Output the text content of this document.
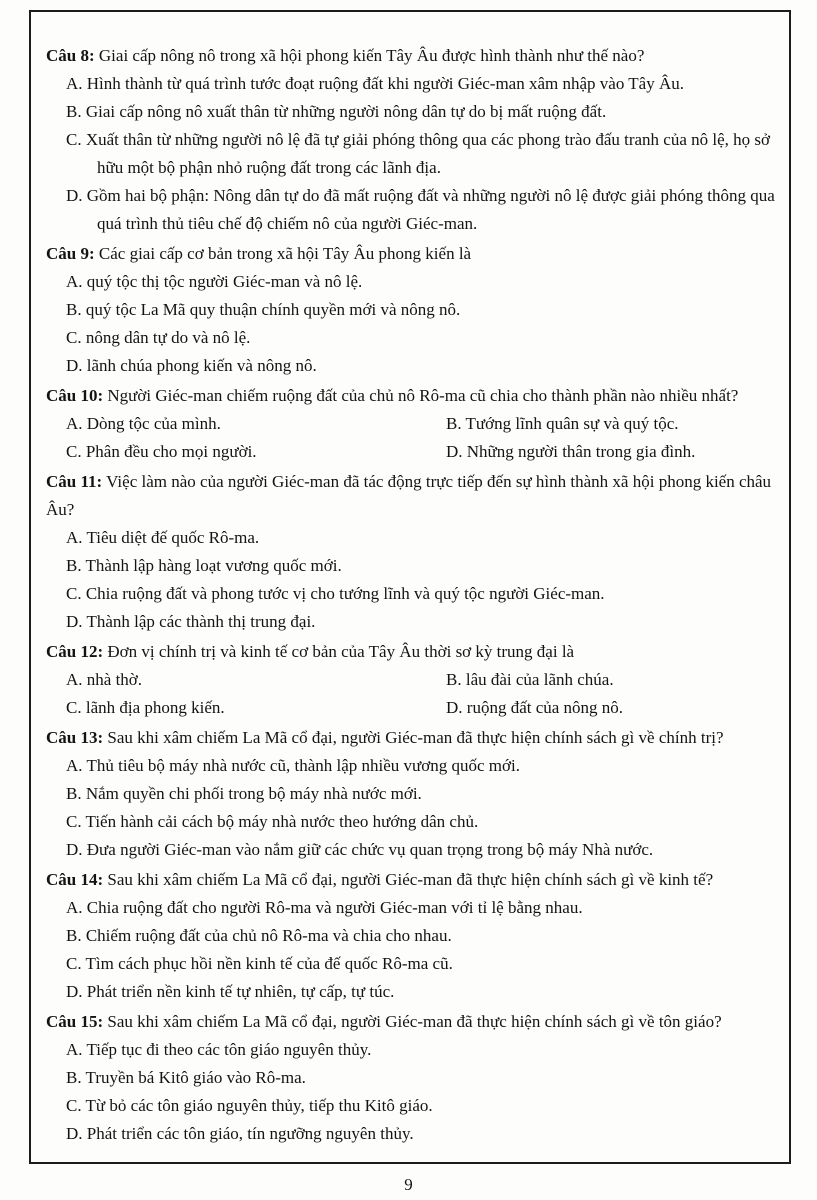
Câu 8: Giai cấp nông nô trong xã hội phong kiến Tây Âu được hình thành như thế nào?

A. Hình thành từ quá trình tước đoạt ruộng đất khi người Giéc-man xâm nhập vào Tây Âu.

B. Giai cấp nông nô xuất thân từ những người nông dân tự do bị mất ruộng đất.

C. Xuất thân từ những người nô lệ đã tự giải phóng thông qua các phong trào đấu tranh của nô lệ, họ sở hữu một bộ phận nhỏ ruộng đất trong các lãnh địa.

D. Gồm hai bộ phận: Nông dân tự do đã mất ruộng đất và những người nô lệ được giải phóng thông qua quá trình thủ tiêu chế độ chiếm nô của người Giéc-man.

Câu 9: Các giai cấp cơ bản trong xã hội Tây Âu phong kiến là

A. quý tộc thị tộc người Giéc-man và nô lệ.

B. quý tộc La Mã quy thuận chính quyền mới và nông nô.

C. nông dân tự do và nô lệ.

D. lãnh chúa phong kiến và nông nô.

Câu 10: Người Giéc-man chiếm ruộng đất của chủ nô Rô-ma cũ chia cho thành phần nào nhiều nhất?

A. Dòng tộc của mình.	B. Tướng lĩnh quân sự và quý tộc.

C. Phân đều cho mọi người.	D. Những người thân trong gia đình.

Câu 11: Việc làm nào của người Giéc-man đã tác động trực tiếp đến sự hình thành xã hội phong kiến châu Âu?

A. Tiêu diệt đế quốc Rô-ma.

B. Thành lập hàng loạt vương quốc mới.

C. Chia ruộng đất và phong tước vị cho tướng lĩnh và quý tộc người Giéc-man.

D. Thành lập các thành thị trung đại.

Câu 12: Đơn vị chính trị và kinh tế cơ bản của Tây Âu thời sơ kỳ trung đại là

A. nhà thờ.	B. lâu đài của lãnh chúa.

C. lãnh địa phong kiến.	D. ruộng đất của nông nô.

Câu 13: Sau khi xâm chiếm La Mã cổ đại, người Giéc-man đã thực hiện chính sách gì về chính trị?

A. Thủ tiêu bộ máy nhà nước cũ, thành lập nhiều vương quốc mới.

B. Nắm quyền chi phối trong bộ máy nhà nước mới.

C. Tiến hành cải cách bộ máy nhà nước theo hướng dân chủ.

D. Đưa người Giéc-man vào nắm giữ các chức vụ quan trọng trong bộ máy Nhà nước.

Câu 14: Sau khi xâm chiếm La Mã cổ đại, người Giéc-man đã thực hiện chính sách gì về kinh tế?

A. Chia ruộng đất cho người Rô-ma và người Giéc-man với tỉ lệ bằng nhau.

B. Chiếm ruộng đất của chủ nô Rô-ma và chia cho nhau.

C. Tìm cách phục hồi nền kinh tế của đế quốc Rô-ma cũ.

D. Phát triển nền kinh tế tự nhiên, tự cấp, tự túc.

Câu 15: Sau khi xâm chiếm La Mã cổ đại, người Giéc-man đã thực hiện chính sách gì về tôn giáo?

A. Tiếp tục đi theo các tôn giáo nguyên thủy.

B. Truyền bá Kitô giáo vào Rô-ma.

C. Từ bỏ các tôn giáo nguyên thủy, tiếp thu Kitô giáo.

D. Phát triển các tôn giáo, tín ngưỡng nguyên thủy.

9
